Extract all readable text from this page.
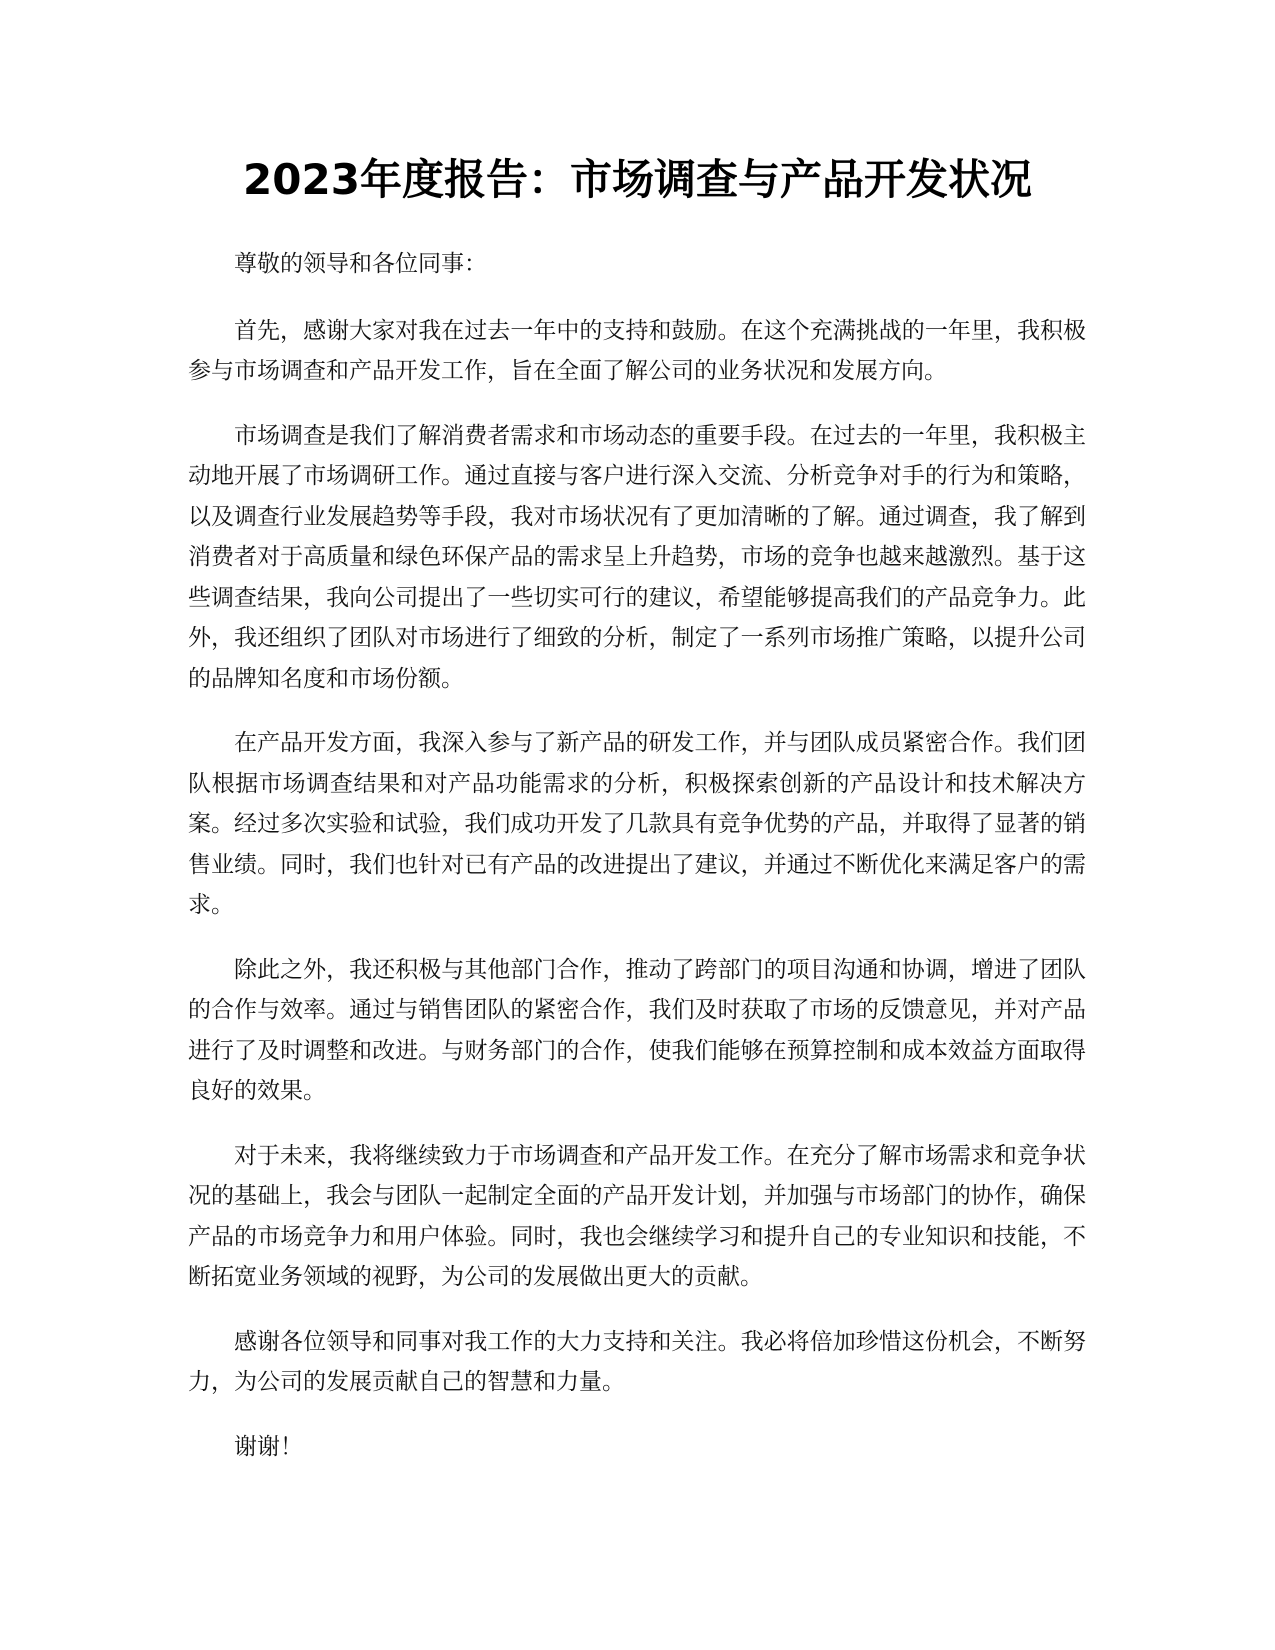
2023年度报告：市场调查与产品开发状况

尊敬的领导和各位同事：

首先，感谢大家对我在过去一年中的支持和鼓励。在这个充满挑战的一年里，我积极参与市场调查和产品开发工作，旨在全面了解公司的业务状况和发展方向。

市场调查是我们了解消费者需求和市场动态的重要手段。在过去的一年里，我积极主动地开展了市场调研工作。通过直接与客户进行深入交流、分析竞争对手的行为和策略，以及调查行业发展趋势等手段，我对市场状况有了更加清晰的了解。通过调查，我了解到消费者对于高质量和绿色环保产品的需求呈上升趋势，市场的竞争也越来越激烈。基于这些调查结果，我向公司提出了一些切实可行的建议，希望能够提高我们的产品竞争力。此外，我还组织了团队对市场进行了细致的分析，制定了一系列市场推广策略，以提升公司的品牌知名度和市场份额。

在产品开发方面，我深入参与了新产品的研发工作，并与团队成员紧密合作。我们团队根据市场调查结果和对产品功能需求的分析，积极探索创新的产品设计和技术解决方案。经过多次实验和试验，我们成功开发了几款具有竞争优势的产品，并取得了显著的销售业绩。同时，我们也针对已有产品的改进提出了建议，并通过不断优化来满足客户的需求。

除此之外，我还积极与其他部门合作，推动了跨部门的项目沟通和协调，增进了团队的合作与效率。通过与销售团队的紧密合作，我们及时获取了市场的反馈意见，并对产品进行了及时调整和改进。与财务部门的合作，使我们能够在预算控制和成本效益方面取得良好的效果。

对于未来，我将继续致力于市场调查和产品开发工作。在充分了解市场需求和竞争状况的基础上，我会与团队一起制定全面的产品开发计划，并加强与市场部门的协作，确保产品的市场竞争力和用户体验。同时，我也会继续学习和提升自己的专业知识和技能，不断拓宽业务领域的视野，为公司的发展做出更大的贡献。

感谢各位领导和同事对我工作的大力支持和关注。我必将倍加珍惜这份机会，不断努力，为公司的发展贡献自己的智慧和力量。

谢谢！
